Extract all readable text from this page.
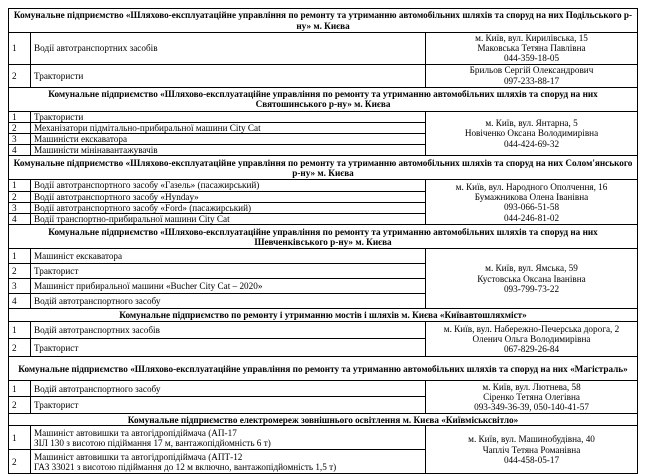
Комунальне підприємство «Шляхово-експлуатаційне управління по ремонту та утриманню автомобільних шляхів та споруд на них Подільського р-ну» м. Києва		
1	Водії автотранспортних засобів	м. Київ, вул. Кирилівська, 15
Маковська Тетяна Павлівна
044-359-18-05

2	Трактористи	Брильов Сергій Олександрович
097-233-88-17

Комунальне підприємство «Шляхово-експлуатаційне управління по ремонту та утриманню автомобільних шляхів та споруд на них Святошинського р-ну» м. Києва		
1	Трактористи	м. Київ, вул. Янтарна, 5
Новіченко Оксана Володимирівна
044-424-69-32

2	Механізатори підмітально-прибиральної машини City Cat	
3	Машиністи екскаватора	
4	Машиністи мінінавантажувачів	
Комунальне підприємство «Шляхово-експлуатаційне управління по ремонту та утриманню автомобільних шляхів та споруд на них Солом'янського р-ну» м. Києва		
1	Водії автотранспортного засобу «Газель» (пасажирський)	м. Київ, вул. Народного Ополчення, 16
Бумажникова Олена Іванівна
093-066-51-58
044-246-81-02

2	Водії автотранспортного засобу «Hynday»	
3	Водії автотранспортного засобу «Ford» (пасажирський)	
4	Водії транспортно-прибиральної машини City Cat	
Комунальне підприємство «Шляхово-експлуатаційне управління по ремонту та утриманню автомобільних шляхів та споруд на них Шевченківського р-ну» м. Києва		
1	Машиніст екскаватора	м. Київ, вул. Ямська, 59
Кустовська Оксана Іванівна
093-799-73-22

2	Тракторист	
3	Машиніст прибиральної машини «Bucher City Cat – 2020»	
4	Водій автотранспортного засобу	
Комунальне підприємство по ремонту і утриманню мостів і шляхів м. Києва «Київавтошляхміст»		
1	Водій автотранспортних засобів	м. Київ, вул. Набережно-Печерська дорога, 2
Оленич Ольга Володимирівна
067-829-26-84

2	Тракторист	
Комунальне підприємство «Шляхово-експлуатаційне управління по ремонту та утриманню автомобільних шляхів та споруд на них «Магістраль»		
1	Водій автотранспортного засобу	м. Київ, вул. Лютнева, 58
Сіренко Тетяна Олегівна
093-349-36-39, 050-140-41-57

2	Тракторист	
Комунальне підприємство електромереж зовнішнього освітлення м. Києва «Київміськсвітло»		
1	Машиніст автовишки та автогідропідіймача (АП-17
ЗІЛ 130 з висотою підіймання 17 м, вантажопідйомність 6 т)	м. Київ, вул. Машинобудівна, 40
Чапліч Тетяна Романівна
044-458-05-17

2	Машиніст автовишки та автогідропідіймача (АПТ-12
ГАЗ 33021 з висотою підіймання до 12 м включно, вантажопідйомність 1,5 т)	
